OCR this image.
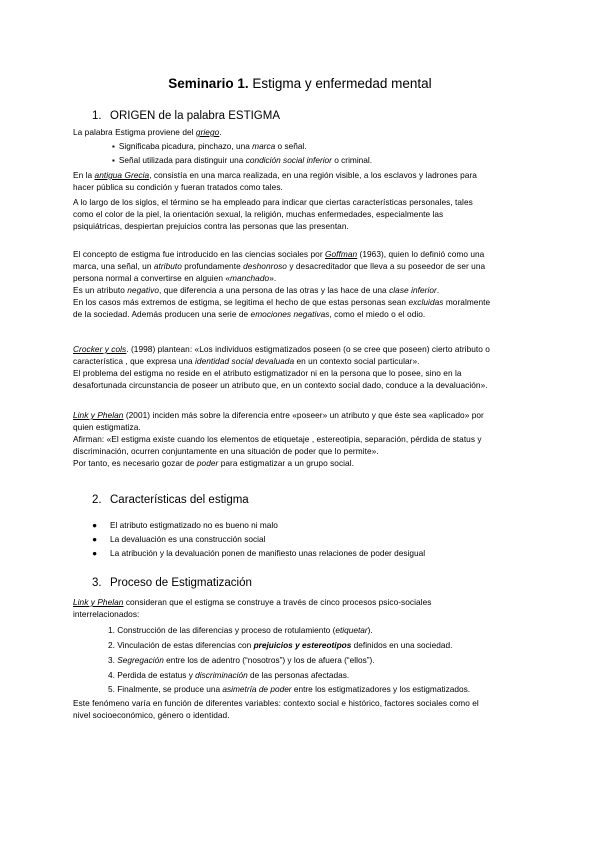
Seminario 1. Estigma y enfermedad mental
1. ORIGEN de la palabra ESTIGMA
La palabra Estigma proviene del griego.
▪ Significaba picadura, pinchazo, una marca o señal.
▪ Señal utilizada para distinguir una condición social inferior o criminal.
En la antigua Grecia, consistía en una marca realizada, en una región visible, a los esclavos y ladrones para
hacer pública su condición y fueran tratados como tales.
A lo largo de los siglos, el término se ha empleado para indicar que ciertas características personales, tales
como el color de la piel, la orientación sexual, la religión, muchas enfermedades, especialmente las
psiquiátricas, despiertan prejuicios contra las personas que las presentan.
El concepto de estigma fue introducido en las ciencias sociales por Goffman (1963), quien lo definió como una
marca, una señal, un atributo profundamente deshonroso y desacreditador que lleva a su poseedor de ser una
persona normal a convertirse en alguien «manchado».
Es un atributo negativo, que diferencia a una persona de las otras y las hace de una clase inferior.
En los casos más extremos de estigma, se legitima el hecho de que estas personas sean excluidas moralmente
de la sociedad. Además producen una serie de emociones negativas, como el miedo o el odio.
Crocker y cols. (1998) plantean: «Los individuos estigmatizados poseen (o se cree que poseen) cierto atributo o
característica , que expresa una identidad social devaluada en un contexto social particular».
El problema del estigma no reside en el atributo estigmatizador ni en la persona que lo posee, sino en la
desafortunada circunstancia de poseer un atributo que, en un contexto social dado, conduce a la devaluación».
Link y Phelan (2001) inciden más sobre la diferencia entre «poseer» un atributo y que éste sea «aplicado» por
quien estigmatiza.
Afirman: «El estigma existe cuando los elementos de etiquetaje , estereotipia, separación, pérdida de status y
discriminación, ocurren conjuntamente en una situación de poder que lo permite».
Por tanto, es necesario gozar de poder para estigmatizar a un grupo social.
2. Características del estigma
● El atributo estigmatizado no es bueno ni malo
● La devaluación es una construcción social
● La atribución y la devaluación ponen de manifiesto unas relaciones de poder desigual
3. Proceso de Estigmatización
Link y Phelan consideran que el estigma se construye a través de cinco procesos psico-sociales
interrelacionados:
1. Construcción de las diferencias y proceso de rotulamiento (etiquetar).
2. Vinculación de estas diferencias con prejuicios y estereotipos definidos en una sociedad.
3. Segregación entre los de adentro (“nosotros”) y los de afuera (“ellos”).
4. Perdida de estatus y discriminación de las personas afectadas.
5. Finalmente, se produce una asimetría de poder entre los estigmatizadores y los estigmatizados.
Este fenómeno varía en función de diferentes variables: contexto social e histórico, factores sociales como el
nivel socioeconómico, género o identidad.
